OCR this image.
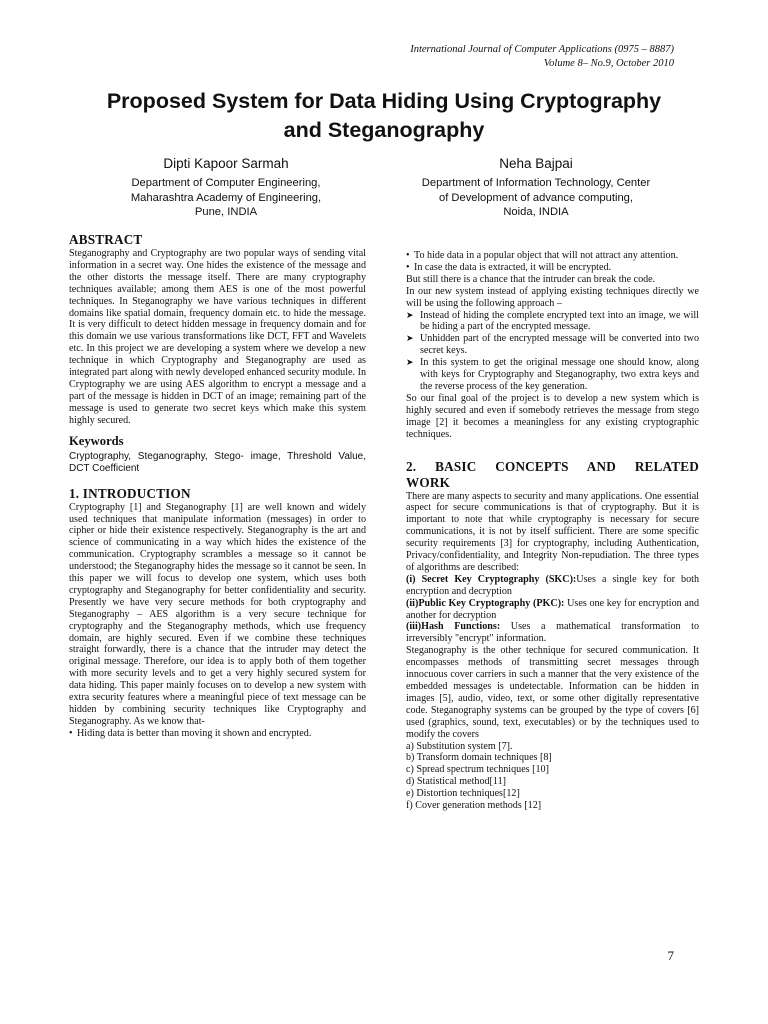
International Journal of Computer Applications (0975 – 8887)
Volume 8– No.9, October 2010
Proposed System for Data Hiding Using Cryptography
and Steganography
Dipti Kapoor Sarmah
Department of Computer Engineering,
Maharashtra Academy of Engineering,
Pune, INDIA
Neha Bajpai
Department of Information Technology, Center
of Development of advance computing,
Noida, INDIA
ABSTRACT

Steganography and Cryptography are two popular ways of sending vital information in a secret way. One hides the existence of the message and the other distorts the message itself. There are many cryptography techniques available; among them AES is one of the most powerful techniques. In Steganography we have various techniques in different domains like spatial domain, frequency domain etc. to hide the message. It is very difficult to detect hidden message in frequency domain and for this domain we use various transformations like DCT, FFT and Wavelets etc. In this project we are developing a system where we develop a new technique in which Cryptography and Steganography are used as integrated part along with newly developed enhanced security module. In Cryptography we are using AES algorithm to encrypt a message and a part of the message is hidden in DCT of an image; remaining part of the message is used to generate two secret keys which make this system highly secured.

Keywords

Cryptography, Steganography, Stego- image, Threshold Value, DCT Coefficient

1. INTRODUCTION

Cryptography [1] and Steganography [1] are well known and widely used techniques that manipulate information (messages) in order to cipher or hide their existence respectively. Steganography is the art and science of communicating in a way which hides the existence of the communication. Cryptography scrambles a message so it cannot be understood; the Steganography hides the message so it cannot be seen. In this paper we will focus to develop one system, which uses both cryptography and Steganography for better confidentiality and security. Presently we have very secure methods for both cryptography and Steganography – AES algorithm is a very secure technique for cryptography and the Steganography methods, which use frequency domain, are highly secured. Even if we combine these techniques straight forwardly, there is a chance that the intruder may detect the original message. Therefore, our idea is to apply both of them together with more security levels and to get a very highly secured system for data hiding. This paper mainly focuses on to develop a new system with extra security features where a meaningful piece of text message can be hidden by combining security techniques like Cryptography and Steganography. As we know that-

• Hiding data is better than moving it shown and encrypted.

• To hide data in a popular object that will not attract any attention.

• In case the data is extracted, it will be encrypted.

But still there is a chance that the intruder can break the code.

In our new system instead of applying existing techniques directly we will be using the following approach –

➤ Instead of hiding the complete encrypted text into an image, we will be hiding a part of the encrypted message.

➤ Unhidden part of the encrypted message will be converted into two secret keys.

➤ In this system to get the original message one should know, along with keys for Cryptography and Steganography, two extra keys and the reverse process of the key generation.

So our final goal of the project is to develop a new system which is highly secured and even if somebody retrieves the message from stego image [2] it becomes a meaningless for any existing cryptographic techniques.

2. BASIC CONCEPTS AND RELATED
WORK

There are many aspects to security and many applications. One essential aspect for secure communications is that of cryptography. But it is important to note that while cryptography is necessary for secure communications, it is not by itself sufficient. There are some specific security requirements [3] for cryptography, including Authentication, Privacy/confidentiality, and Integrity Non-repudiation. The three types of algorithms are described:

(i) Secret Key Cryptography (SKC):Uses a single key for both encryption and decryption

(ii)Public Key Cryptography (PKC): Uses one key for encryption and another for decryption

(iii)Hash Functions: Uses a mathematical transformation to irreversibly "encrypt" information.

Steganography is the other technique for secured communication. It encompasses methods of transmitting secret messages through innocuous cover carriers in such a manner that the very existence of the embedded messages is undetectable. Information can be hidden in images [5], audio, video, text, or some other digitally representative code. Steganography systems can be grouped by the type of covers [6] used (graphics, sound, text, executables) or by the techniques used to modify the covers

a) Substitution system [7].
b) Transform domain techniques [8]
c) Spread spectrum techniques [10]
d) Statistical method[11]
e) Distortion techniques[12]
f) Cover generation methods [12]
7
